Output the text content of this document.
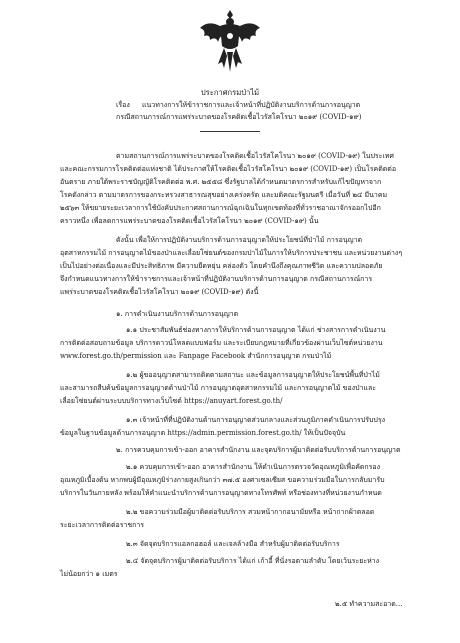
ประกาศกรมป่าไม้
เรื่อง แนวทางการให้ข้าราชการและเจ้าหน้าที่ปฏิบัติงานบริการด้านการอนุญาต
กรณีสถานการณ์การแพร่ระบาดของโรคติดเชื้อไวรัสโคโรนา ๒๐๑๙ (COVID-๑๙)
ตามสถานการณ์การแพร่ระบาดของโรคติดเชื้อไวรัสโคโรนา ๒๐๑๙ (COVID-๑๙) ในประเทศ
และคณะกรรมการโรคติดต่อแห่งชาติ ได้ประกาศให้โรคติดเชื้อไวรัสโคโรนา ๒๐๑๙ (COVID-๑๙) เป็นโรคติดต่อ
อันตราย ภายใต้พระราชบัญญัติโรคติดต่อ พ.ศ. ๒๕๕๘ ซึ่งรัฐบาลได้กำหนดมาตรการสำหรับแก้ไขปัญหาจาก
โรคดังกล่าว ตามมาตรการของกระทรวงสาธารณสุขอย่างเคร่งครัด และมติคณะรัฐมนตรี เมื่อวันที่ ๒๔ มีนาคม
๒๕๖๓ ให้ขยายระยะเวลาการใช้บังคับประกาศสถานการณ์ฉุกเฉินในทุกเขตท้องที่ทั่วราชอาณาจักรออกไปอีก
คราวหนึ่ง เพื่อลดการแพร่ระบาดของโรคติดเชื้อไวรัสโคโรนา ๒๐๑๙ (COVID-๑๙) นั้น
ดังนั้น เพื่อให้การปฏิบัติงานบริการด้านการอนุญาตให้ประโยชน์ที่ป่าไม้ การอนุญาต
อุตสาหกรรมไม้ การอนุญาตไม้ของป่าและเลื่อยโซ่ยนต์ของกรมป่าไม้ในการให้บริการประชาชน และหน่วยงานต่างๆ
เป็นไปอย่างต่อเนื่องและมีประสิทธิภาพ มีความยืดหยุ่น คล่องตัว โดยคำนึงถึงคุณภาพชีวิต และความปลอดภัย
จึงกำหนดแนวทางการให้ข้าราชการและเจ้าหน้าที่ปฏิบัติงานบริการด้านการอนุญาต กรณีสถานการณ์การ
แพร่ระบาดของโรคติดเชื้อไวรัสโคโรนา ๒๐๑๙ (COVID-๑๙) ดังนี้
๑. การดำเนินงานบริการด้านการอนุญาต
๑.๑ ประชาสัมพันธ์ช่องทางการให้บริการด้านการอนุญาต ได้แก่ ช่างสารการดำเนินงาน
การติดต่อสอบถามข้อมูล บริการดาวน์โหลดแบบฟอร์ม และระเบียบกฎหมายที่เกี่ยวข้องผ่านเว็บไซต์หน่วยงาน
www.forest.go.th/permission และ Fanpage Facebook สำนักการอนุญาต กรมป่าไม้
๑.๒ ผู้ขออนุญาตสามารถติดตามสถานะ และข้อมูลการอนุญาตให้ประโยชน์พื้นที่ป่าไม้
และสามารถสืบค้นข้อมูลการอนุญาตด้านป่าไม้ การอนุญาตอุตสาหกรรมไม้ และการอนุญาตไม้ ของป่าและ
เลื่อยโซ่ยนต์ผ่านระบบบริการทางเว็บไซต์ https://anuyart.forest.go.th/
๑.๓ เจ้าหน้าที่ที่ปฏิบัติงานด้านการอนุญาตส่วนกลางและส่วนภูมิภาคดำเนินการปรับปรุง
ข้อมูลในฐานข้อมูลด้านการอนุญาต https://admin.permission.forest.go.th/ ให้เป็นปัจจุบัน
๒. การควบคุมการเข้า-ออก อาคารสำนักงาน และจุดบริการผู้มาติดต่อรับบริการด้านการอนุญาต
๒.๑ ควบคุมการเข้า-ออก อาคารสำนักงาน ให้ดำเนินการตรวจวัดอุณหภูมิเพื่อคัดกรอง
อุณหภูมิเบื้องต้น หากพบผู้มีอุณหภูมิร่างกายสูงเกินกว่า ๓๗.๕ องศาเซลเซียส ขอความร่วมมือในการกลับมารับ
บริการในวันภายหลัง พร้อมให้คำแนะนำบริการด้านการอนุญาตทางโทรศัพท์ หรือช่องทางที่หน่วยงานกำหนด
๒.๒ ขอความร่วมมือผู้มาติดต่อรับบริการ สวมหน้ากากอนามัยหรือ หน้ากากผ้าตลอด
ระยะเวลาการติดต่อราชการ
๒.๓ จัดจุดบริการแอลกอฮอล์ และเจลล้างมือ สำหรับผู้มาติดต่อรับบริการ
๒.๔ จัดจุดบริการผู้มาติดต่อรับบริการ ได้แก่ เก้าอี้ ที่นั่งรอตามลำดับ โดยเว้นระยะห่าง
ไม่น้อยกว่า ๑ เมตร
๒.๕ ทำความสะอาด...
